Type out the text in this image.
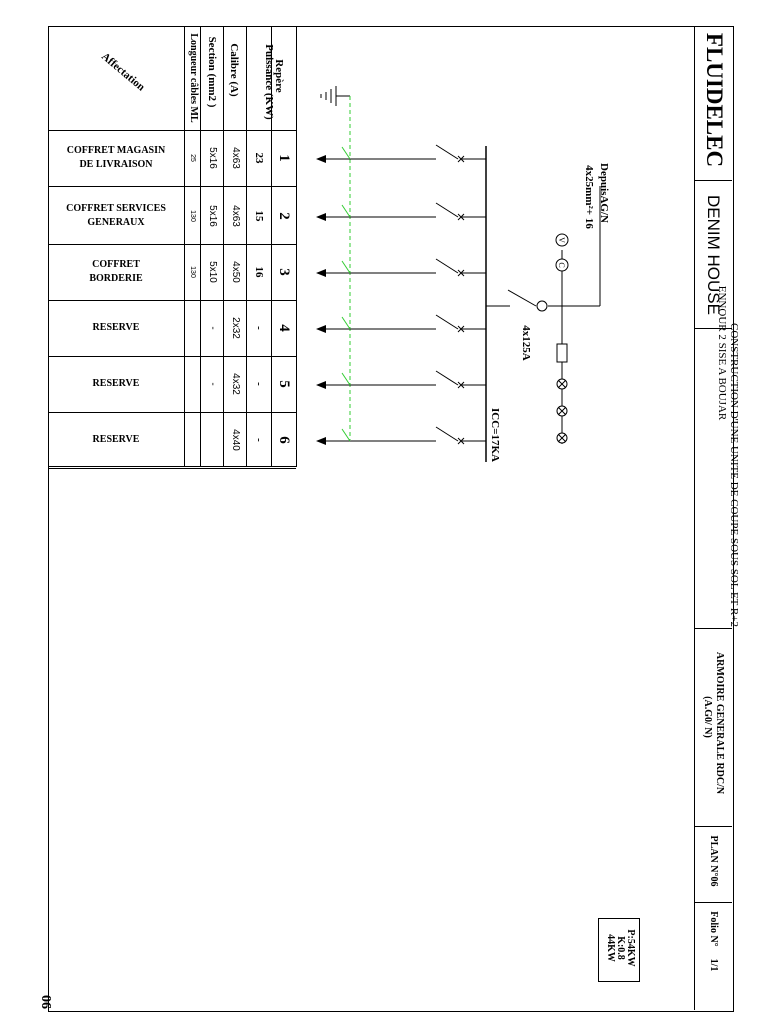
FLUIDELEC
DENIM HOUSE
CONSTRUCTION D'UNE UNITE DE COUPE SOUS SOL ET R+2
ENNOUR 2 SISE A BOUJAR
ARMOIRE GENERALE RDC/N
(A.G0/ N)
PLAN N°06
Folio N°
1/1
P:54KW
K:0.8
44KW
V
C
DepuisAG/N
4x25mm²+ 16
4x125A
ICC=17KA
Repère
Puissance (KW)
Calibre (A)
Section (mm2 )
Longueur câbles ML
Affectation
1
23
4x63
5x16
25
COFFRET MAGASIN
DE LIVRAISON
2
15
4x63
5x16
130
COFFRET SERVICES
GENERAUX
3
16
4x50
5x10
130
COFFRET
BORDERIE
4
-
2x32
-
RESERVE
5
-
4x32
-
RESERVE
6
-
4x40
RESERVE
06
